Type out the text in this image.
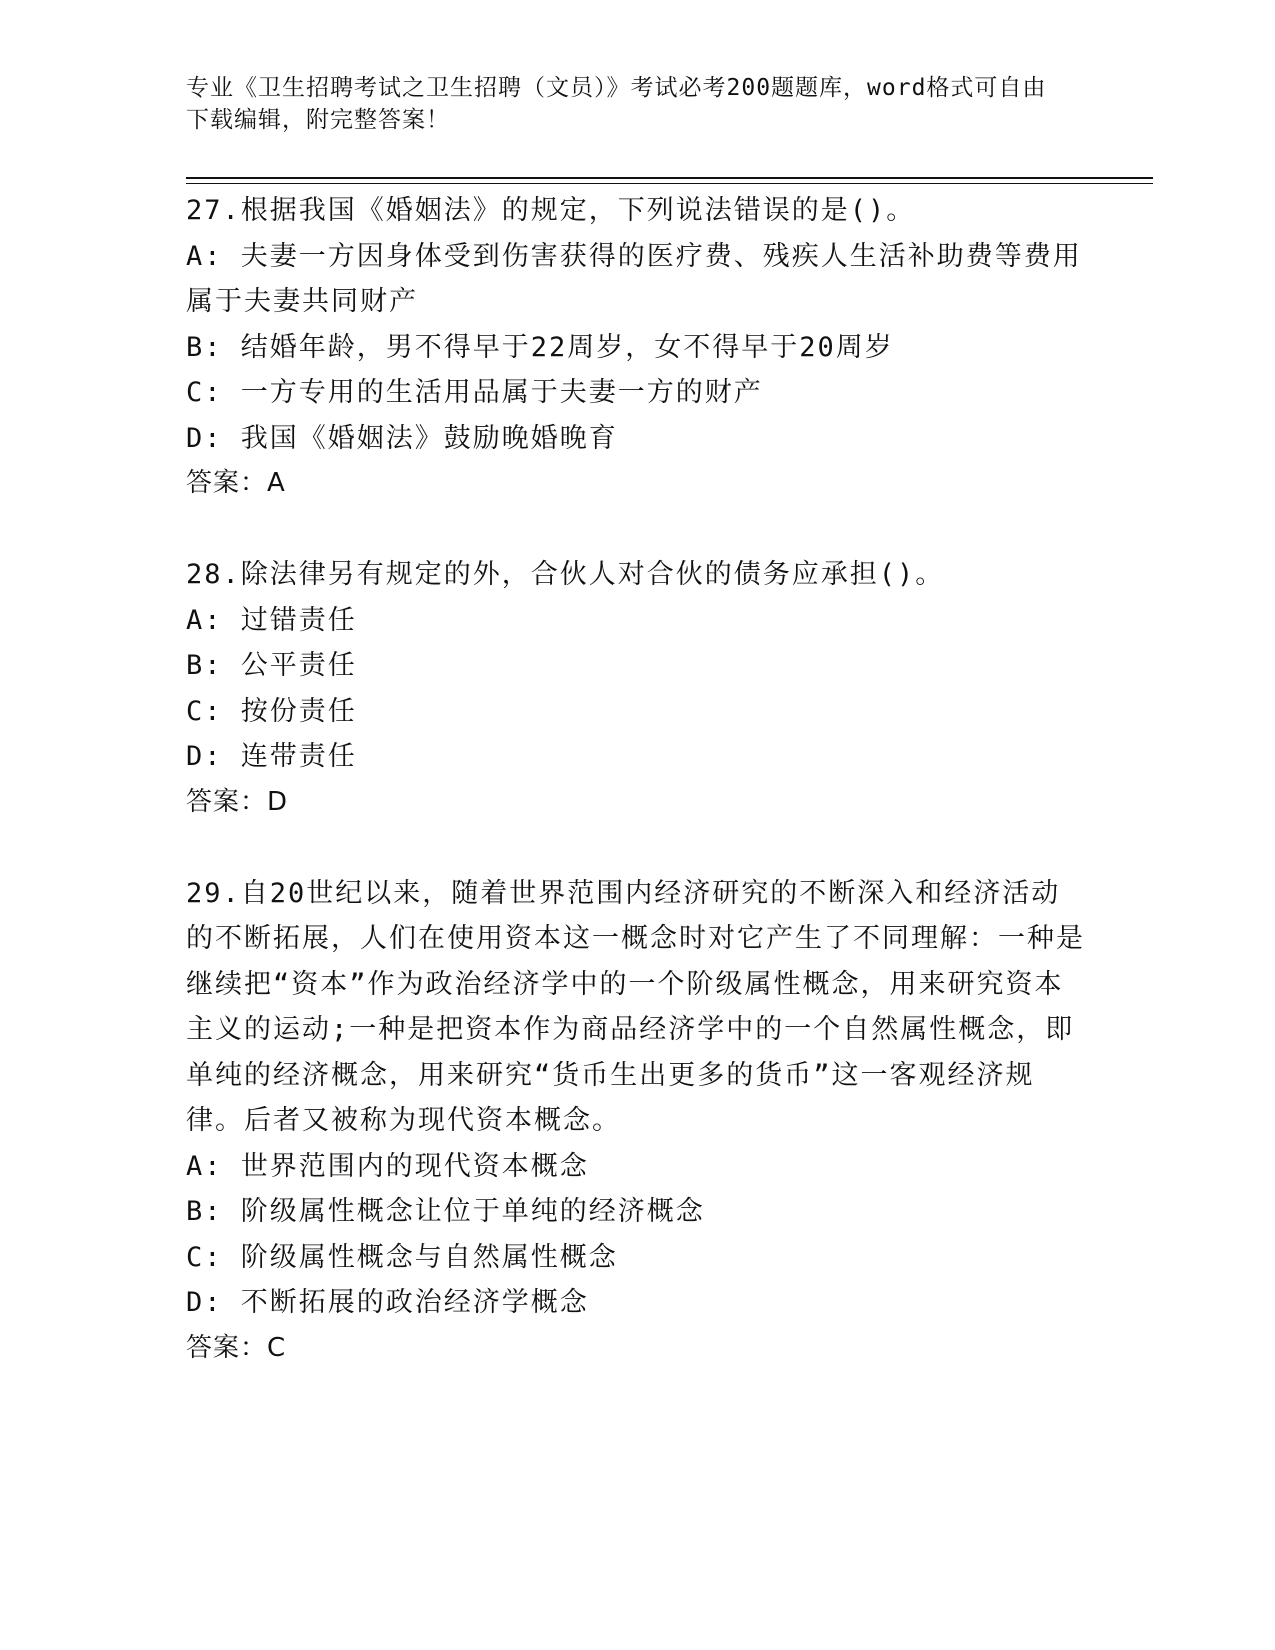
专业《卫生招聘考试之卫生招聘（文员）》考试必考200题题库，word格式可自由下载编辑，附完整答案！
27.根据我国《婚姻法》的规定，下列说法错误的是()。
A: 夫妻一方因身体受到伤害获得的医疗费、残疾人生活补助费等费用属于夫妻共同财产
B: 结婚年龄，男不得早于22周岁，女不得早于20周岁
C: 一方专用的生活用品属于夫妻一方的财产
D: 我国《婚姻法》鼓励晚婚晚育
答案：A
28.除法律另有规定的外，合伙人对合伙的债务应承担()。
A: 过错责任
B: 公平责任
C: 按份责任
D: 连带责任
答案：D
29.自20世纪以来，随着世界范围内经济研究的不断深入和经济活动的不断拓展，人们在使用资本这一概念时对它产生了不同理解：一种是继续把“资本”作为政治经济学中的一个阶级属性概念，用来研究资本主义的运动;一种是把资本作为商品经济学中的一个自然属性概念，即单纯的经济概念，用来研究“货币生出更多的货币”这一客观经济规律。后者又被称为现代资本概念。
A: 世界范围内的现代资本概念
B: 阶级属性概念让位于单纯的经济概念
C: 阶级属性概念与自然属性概念
D: 不断拓展的政治经济学概念
答案：C
